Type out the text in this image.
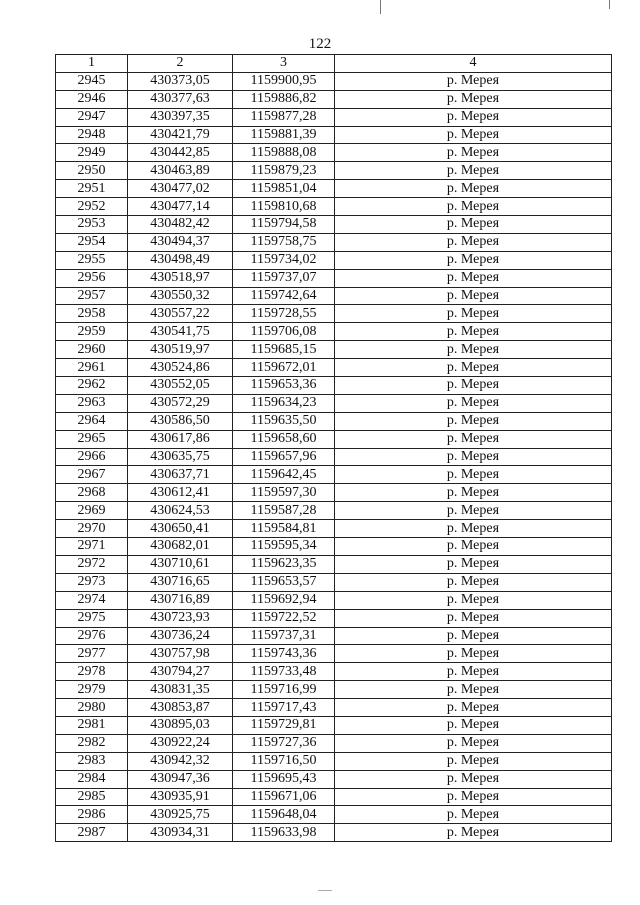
122
1	2	3	4
2945	430373,05	1159900,95	р. Мерея
2946	430377,63	1159886,82	р. Мерея
2947	430397,35	1159877,28	р. Мерея
2948	430421,79	1159881,39	р. Мерея
2949	430442,85	1159888,08	р. Мерея
2950	430463,89	1159879,23	р. Мерея
2951	430477,02	1159851,04	р. Мерея
2952	430477,14	1159810,68	р. Мерея
2953	430482,42	1159794,58	р. Мерея
2954	430494,37	1159758,75	р. Мерея
2955	430498,49	1159734,02	р. Мерея
2956	430518,97	1159737,07	р. Мерея
2957	430550,32	1159742,64	р. Мерея
2958	430557,22	1159728,55	р. Мерея
2959	430541,75	1159706,08	р. Мерея
2960	430519,97	1159685,15	р. Мерея
2961	430524,86	1159672,01	р. Мерея
2962	430552,05	1159653,36	р. Мерея
2963	430572,29	1159634,23	р. Мерея
2964	430586,50	1159635,50	р. Мерея
2965	430617,86	1159658,60	р. Мерея
2966	430635,75	1159657,96	р. Мерея
2967	430637,71	1159642,45	р. Мерея
2968	430612,41	1159597,30	р. Мерея
2969	430624,53	1159587,28	р. Мерея
2970	430650,41	1159584,81	р. Мерея
2971	430682,01	1159595,34	р. Мерея
2972	430710,61	1159623,35	р. Мерея
2973	430716,65	1159653,57	р. Мерея
2974	430716,89	1159692,94	р. Мерея
2975	430723,93	1159722,52	р. Мерея
2976	430736,24	1159737,31	р. Мерея
2977	430757,98	1159743,36	р. Мерея
2978	430794,27	1159733,48	р. Мерея
2979	430831,35	1159716,99	р. Мерея
2980	430853,87	1159717,43	р. Мерея
2981	430895,03	1159729,81	р. Мерея
2982	430922,24	1159727,36	р. Мерея
2983	430942,32	1159716,50	р. Мерея
2984	430947,36	1159695,43	р. Мерея
2985	430935,91	1159671,06	р. Мерея
2986	430925,75	1159648,04	р. Мерея
2987	430934,31	1159633,98	р. Мерея
